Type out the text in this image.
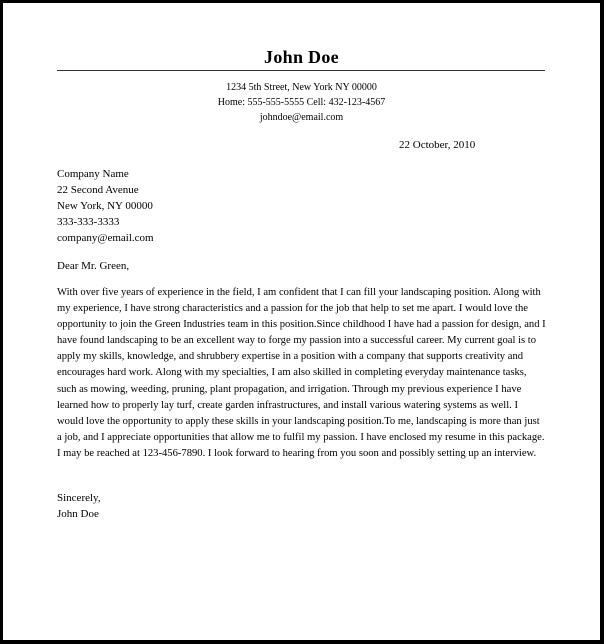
John Doe
1234 5th Street, New York NY 00000
Home: 555-555-5555 Cell: 432-123-4567
johndoe@email.com
22 October, 2010
Company Name
22 Second Avenue
New York, NY 00000
333-333-3333
company@email.com
Dear Mr. Green,
With over five years of experience in the field, I am confident that I can fill your landscaping position. Along with my experience, I have strong characteristics and a passion for the job that help to set me apart. I would love the opportunity to join the Green Industries team in this position.Since childhood I have had a passion for design, and I have found landscaping to be an excellent way to forge my passion into a successful career. My current goal is to apply my skills, knowledge, and shrubbery expertise in a position with a company that supports creativity and encourages hard work. Along with my specialties, I am also skilled in completing everyday maintenance tasks, such as mowing, weeding, pruning, plant propagation, and irrigation. Through my previous experience I have learned how to properly lay turf, create garden infrastructures, and install various watering systems as well. I would love the opportunity to apply these skills in your landscaping position.To me, landscaping is more than just a job, and I appreciate opportunities that allow me to fulfil my passion. I have enclosed my resume in this package. I may be reached at 123-456-7890. I look forward to hearing from you soon and possibly setting up an interview.
Sincerely,
John Doe
